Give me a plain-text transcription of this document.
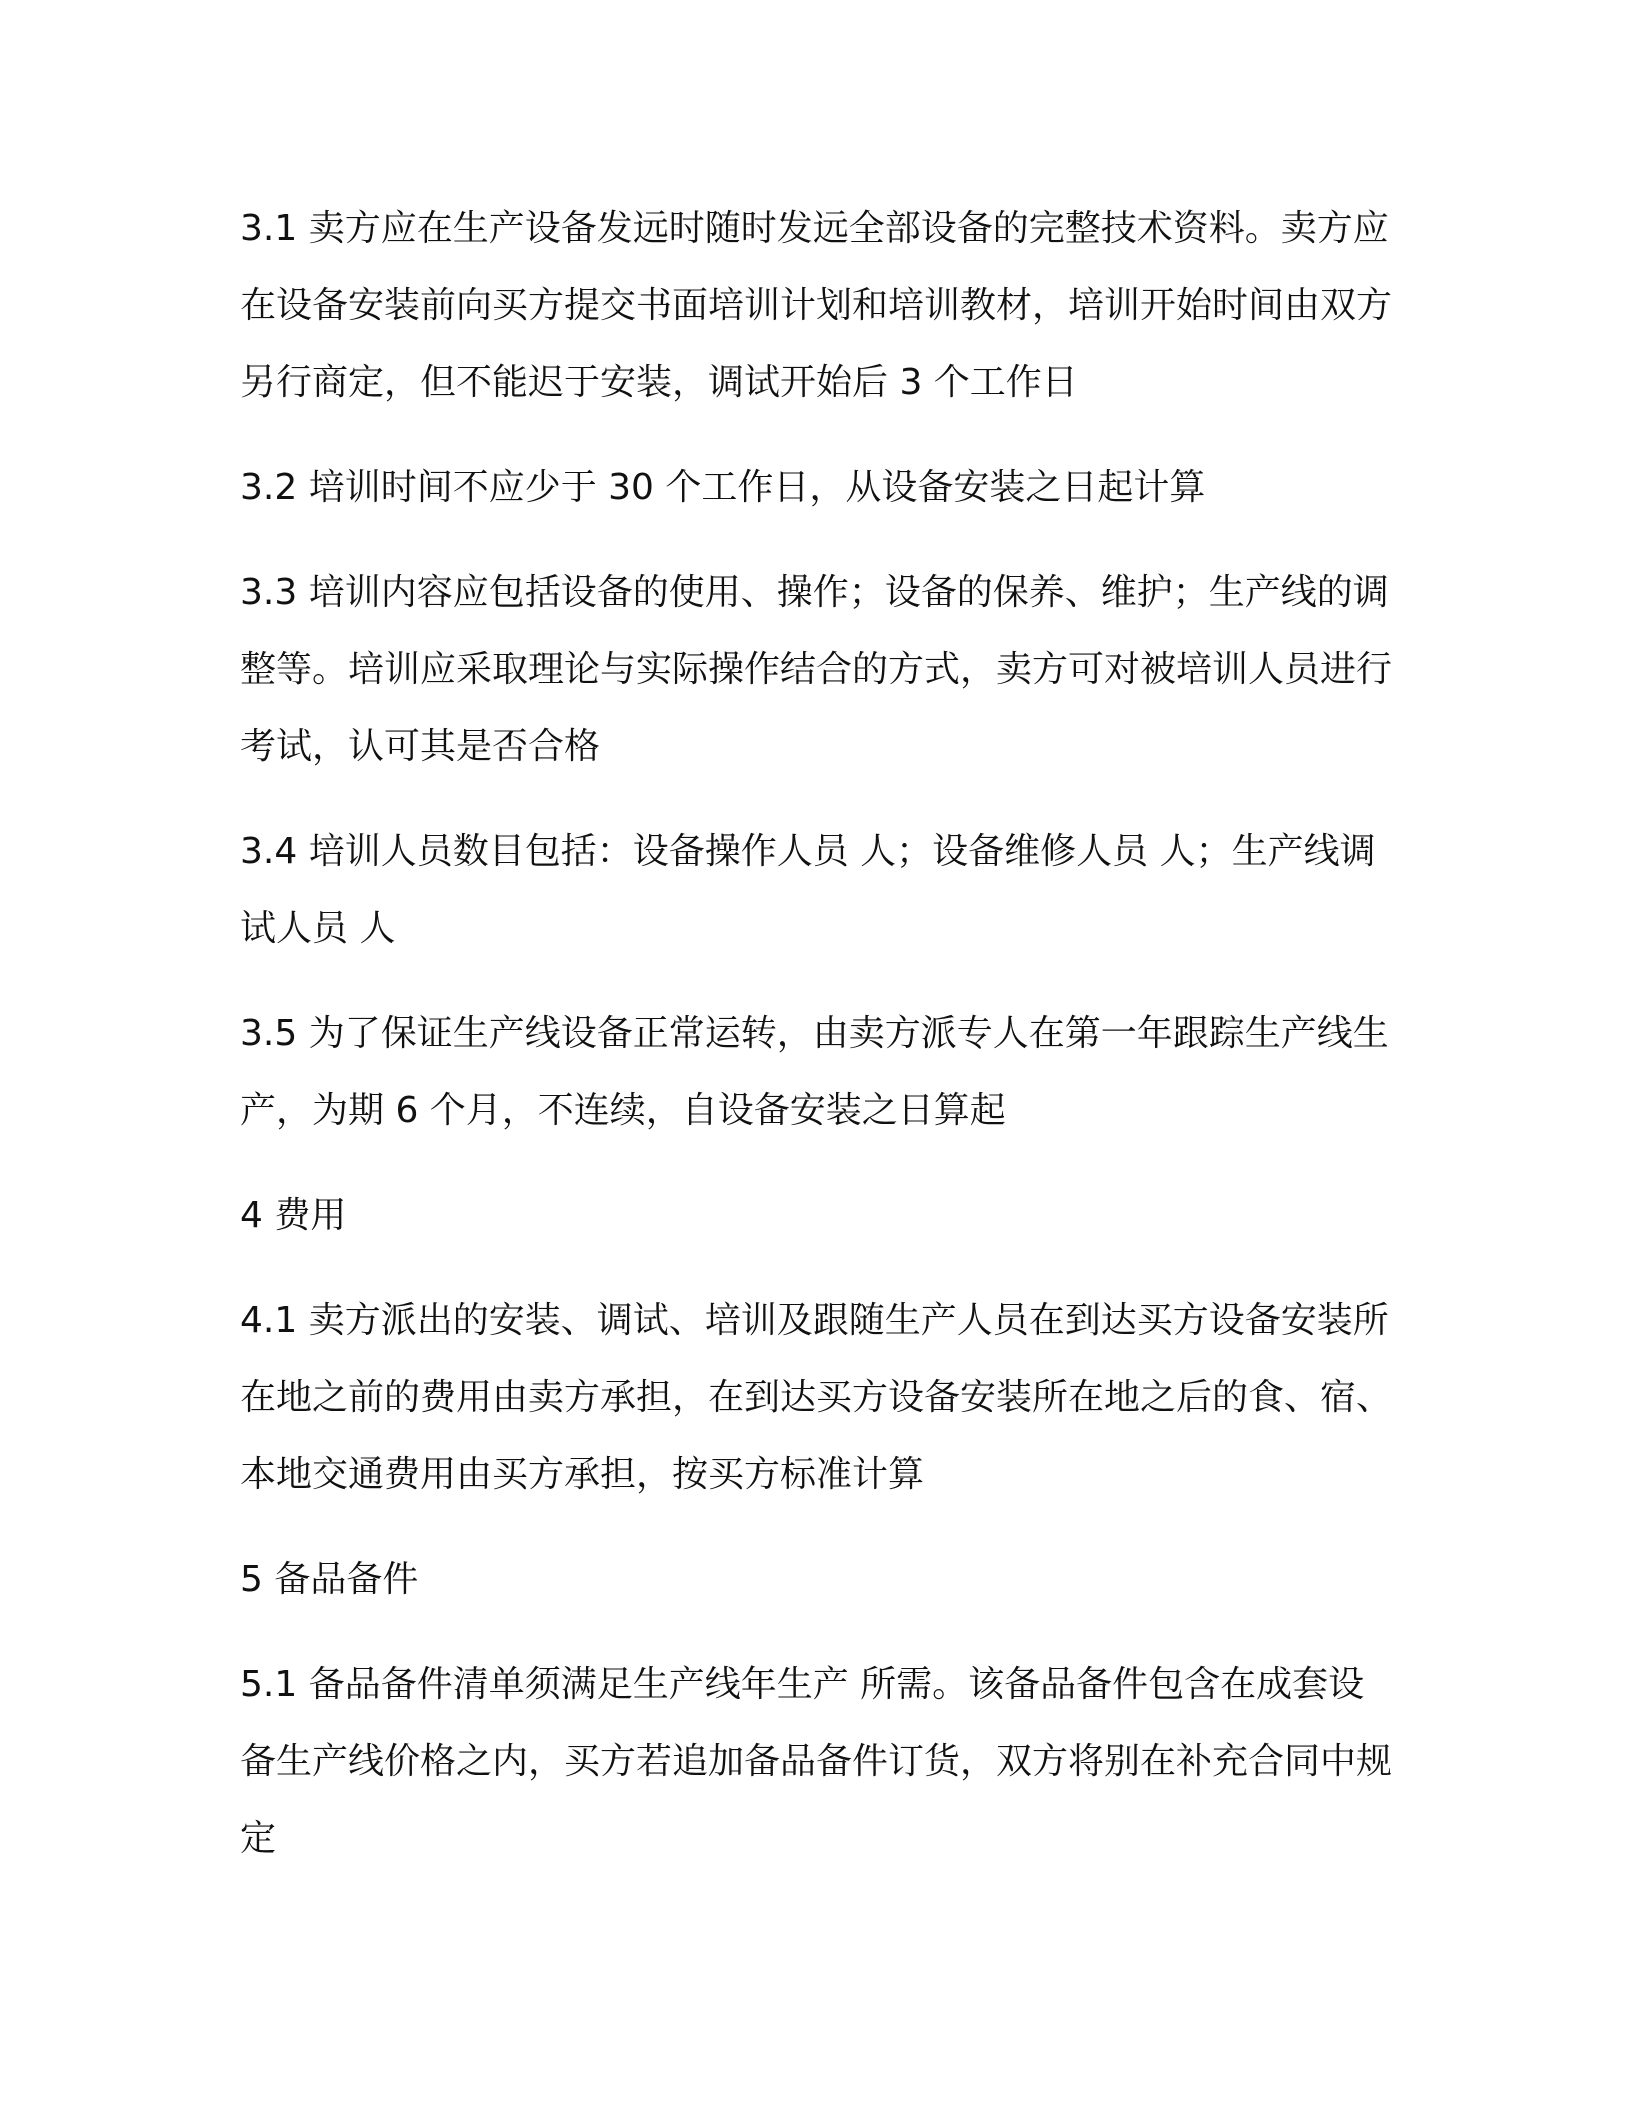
3.1 卖方应在生产设备发远时随时发远全部设备的完整技术资料。卖方应在设备安装前向买方提交书面培训计划和培训教材，培训开始时间由双方另行商定，但不能迟于安装，调试开始后 3 个工作日

3.2 培训时间不应少于 30 个工作日，从设备安装之日起计算

3.3 培训内容应包括设备的使用、操作；设备的保养、维护；生产线的调整等。培训应采取理论与实际操作结合的方式，卖方可对被培训人员进行考试，认可其是否合格

3.4 培训人员数目包括：设备操作人员 人；设备维修人员 人；生产线调试人员 人

3.5 为了保证生产线设备正常运转，由卖方派专人在第一年跟踪生产线生产，为期 6 个月，不连续，自设备安装之日算起

4 费用

4.1 卖方派出的安装、调试、培训及跟随生产人员在到达买方设备安装所在地之前的费用由卖方承担，在到达买方设备安装所在地之后的食、宿、本地交通费用由买方承担，按买方标准计算

5 备品备件

5.1 备品备件清单须满足生产线年生产 所需。该备品备件包含在成套设备生产线价格之内，买方若追加备品备件订货，双方将别在补充合同中规定
